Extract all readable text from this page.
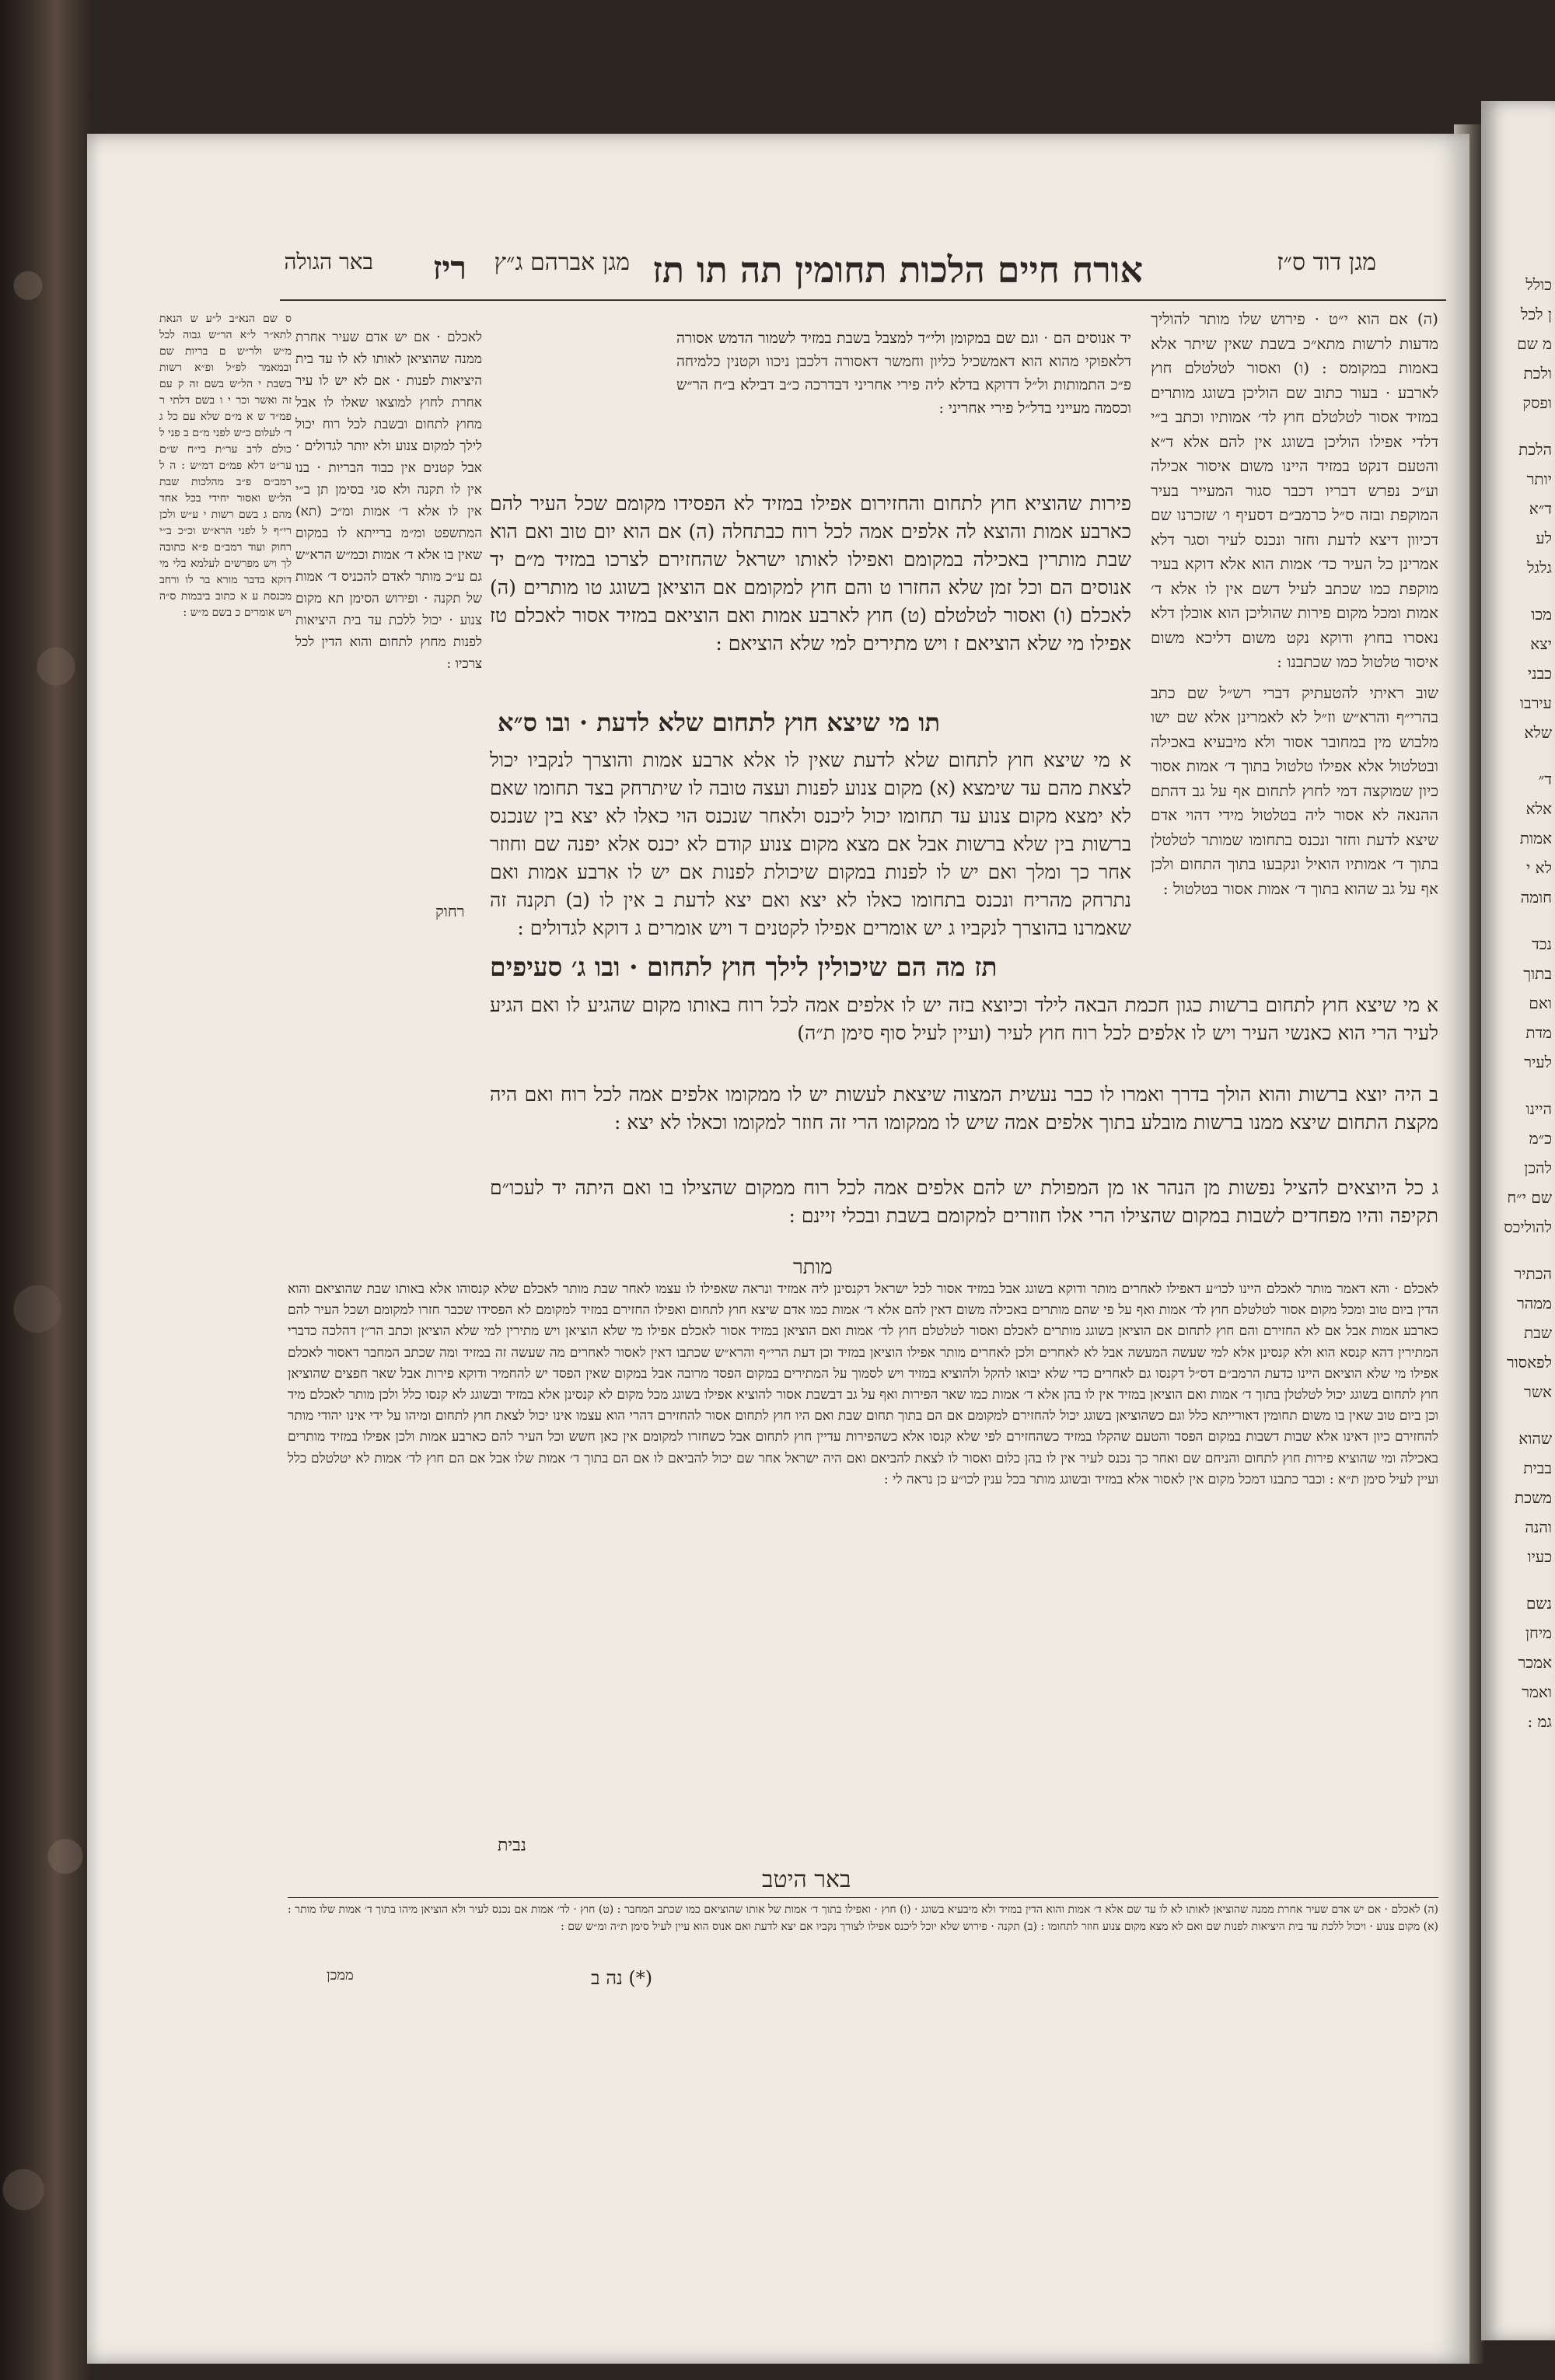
כולל
ן לכל
מ שם
ולכת
ופסק
הלכת
יותר
ד״א
לע
גלגל
מכו
יצא
כבני
עירבו
שלא
ד״
אלא
אמות
לא י
חומה
נכד
בתוך
ואם
מדת
לעיר
היינו
כ״מ
להכן
שם י״ח
להוליכס
הכתיר
ממהר
שבת
לפאסור
אשר
שהוא
בבית
משכת
והנה
כעיו
נשם
מיחן
אמכר
ואמר
גמ :
מגן דוד ס״ז
אורח חיים הלכות תחומין תה תו תז
מגן אברהם ג״ץ
ריז
באר הגולה

(ה) אם הוא י״ט · פירוש שלו מותר להוליך מדעות לרשות מתא״כ בשבת שאין שיתר אלא באמות במקומס : (ו) ואסור לטלטלם חוץ לארבע · בעור כתוב שם הוליכן בשוגג מותרים במזיד אסור לטלטלם חוץ לד׳ אמותיו וכתב ב״י דלדי אפילו הוליכן בשוגג אין להם אלא ד״א והטעם דנקט במזיד היינו משום איסור אכילה וע״כ נפרש דבריו דכבר סגור המעייר בעיר המוקפת ובזה ס״ל כרמב״ם דסעיף ו׳ שזכרנו שם דכיוון דיצא לדעת וחזר ונכנס לעיר וסגר דלא אמרינן כל העיר כד׳ אמות הוא אלא דוקא בעיר מוקפת כמו שכתב לעיל דשם אין לו אלא ד׳ אמות ומכל מקום פירות שהוליכן הוא אוכלן דלא נאסרו בחוץ ודוקא נקט משום דליכא משום איסור טלטול כמו שכתבנו :

שוב ראיתי להטעתיק דברי רש״ל שם כתב בהרי״ף והרא״ש וז״ל לא לאמרינן אלא שם ישו מלבוש מין במחובר אסור ולא מיבעיא באכילה ובטלטול אלא אפילו טלטול בתוך ד׳ אמות אסור כיון שמוקצה דמי לחוץ לתחום אף על גב דהתם ההנאה לא אסור ליה בטלטול מידי דהוי אדם שיצא לדעת וחזר ונכנס בתחומו שמותר לטלטלן בתוך ד׳ אמותיו הואיל ונקבעו בתוך התחום ולכן אף על גב שהוא בתוך ד׳ אמות אסור בטלטול :

יד אנוסים הם · וגם שם במקומן ולי״ד למצבל בשבת במזיד לשמור הדמש אסורה דלאפוקי מהוא הוא דאמשכיל כליון וחמשר דאסורה דלכבן ניכוו וקטנין כלמיחה פ״כ התמותות ול״ל דדוקא בדלא ליה פירי אחריני דבדרכה כ״ב דבילא ב״ח הר״ש וכסמה מעייני בדל״ל פירי אחריני :

פירות שהוציא חוץ לתחום והחזירום אפילו במזיד לא הפסידו מקומם שכל העיר להם כארבע אמות והוצא לה אלפים אמה לכל רוח כבתחלה (ה) אם הוא יום טוב ואם הוא שבת מותרין באכילה במקומם ואפילו לאותו ישראל שהחזירם לצרכו במזיד מ״ם יד אנוסים הם וכל זמן שלא החזרו ט והם חוץ למקומם אם הוציאן בשוגג טו מותרים (ה) לאכלם (ו) ואסור לטלטלם (ט) חוץ לארבע אמות ואם הוציאם במזיד אסור לאכלם טז אפילו מי שלא הוציאם ז ויש מתירים למי שלא הוציאם :
תו מי שיצא חוץ לתחום שלא לדעת · ובו ס״א
א מי שיצא חוץ לתחום שלא לדעת שאין לו אלא ארבע אמות והוצרך לנקביו יכול לצאת מהם עד שימצא (א) מקום צנוע לפנות ועצה טובה לו שיתרחק בצד תחומו שאם לא ימצא מקום צנוע עד תחומו יכול ליכנס ולאחר שנכנס הוי כאלו לא יצא בין שנכנס ברשות בין שלא ברשות אבל אם מצא מקום צנוע קודם לא יכנס אלא יפנה שם וחוזר אחר כך ומלך ואם יש לו לפנות במקום שיכולת לפנות אם יש לו ארבע אמות ואם נתרחק מהריח ונכנס בתחומו כאלו לא יצא ואם יצא לדעת ב אין לו (ב) תקנה זה שאמרנו בהוצרך לנקביו ג יש אומרים אפילו לקטנים ד ויש אומרים ג דוקא לגדולים :
תז מה הם שיכולין לילך חוץ לתחום · ובו ג׳ סעיפים
א מי שיצא חוץ לתחום ברשות כגון חכמת הבאה לילד וכיוצא בזה יש לו אלפים אמה לכל רוח באותו מקום שהגיע לו ואם הגיע לעיר הרי הוא כאנשי העיר ויש לו אלפים לכל רוח חוץ לעיר (ועיין לעיל סוף סימן ת״ה)
ב היה יוצא ברשות והוא הולך בדרך ואמרו לו כבר נעשית המצוה שיצאת לעשות יש לו ממקומו אלפים אמה לכל רוח ואם היה מקצת התחום שיצא ממנו ברשות מובלע בתוך אלפים אמה שיש לו ממקומו הרי זה חוזר למקומו וכאלו לא יצא :
ג כל היוצאים להציל נפשות מן הנהר או מן המפולת יש להם אלפים אמה לכל רוח ממקום שהצילו בו ואם היתה יד לעכו״ם תקיפה והיו מפחדים לשבות במקום שהצילו הרי אלו חוזרים למקומם בשבת ובכלי זיינם :

לאכלם · אם יש אדם שעיר אחרת ממנה שהוציאן לאותו לא לו עד בית היציאות לפנות · אם לא יש לו עיר אחרת לחוץ למוצאו שאלו לו אבל מחוץ לתחום ובשבת לכל רוח יכול לילך למקום צנוע ולא יותר לגדולים · אבל קטנים אין כבוד הבריות · בנו אין לו תקנה ולא סגי בסימן תן ב״י אין לו אלא ד׳ אמות ומ״כ (תא) המתשפט ומ״מ ברייתא לו במקום שאין בו אלא ד׳ אמות וכמ״ש הרא״ש גם ע״כ מותר לאדם להכניס ד׳ אמות של תקנה · ופירוש הסימן תא מקום צנוע · יכול ללכת עד בית היציאות לפנות מחוץ לתחום והוא הדין לכל צרכיו :

רחוק
ס שם הנא״ב ל״ע ש הנאת לתא״ר ל״א הר״ש גבוה לכל מ״ש ולר״ש ם בריות שם ובמאמר לפ״ל ופ״א רשות בשבת י הל״ש בשם זה ק עם זה ואשר וכר י ו בשם דלתי ר פמ״ד ש א מ״ם שלא עם כל ג ד׳ לעלום כ״ש לפני מ״ם ב פני ל כולם לרב ער״ת בי״ח ש״ם ער״ט דלא פמ״ם דמ״ש : ה ל רמב״ם פ״ב מהלכות שבת הל״ש ואסור יחידי בכל אחד מהם ג בשם רשות י ע״ש ולכן רי״ף ל לפני הרא״ש וכ״כ ב״י רחוק ועוד רמב״ם פ״א כתובה לך ויש מפרשים לעלמא בלי מי דוקא בדבר מורא בר לו ורחב מכנסת ע א כתוב ביבמות ס״ה ויש אומרים כ בשם מ״ש :
מותר
לאכלם · והא דאמר מותר לאכלם היינו לכו״ע דאפילו לאחרים מותר ודוקא בשוגג אבל במזיד אסור לכל ישראל דקנסינן ליה אמזיד ונראה שאפילו לו עצמו לאחר שבת מותר לאכלם שלא קנסוהו אלא באותו שבת שהוציאם והוא הדין ביום טוב ומכל מקום אסור לטלטלם חוץ לד׳ אמות ואף על פי שהם מותרים באכילה משום דאין להם אלא ד׳ אמות כמו אדם שיצא חוץ לתחום ואפילו החזירם במזיד למקומם לא הפסידו שכבר חזרו למקומם ושכל העיר להם כארבע אמות אבל אם לא החזירם והם חוץ לתחום אם הוציאן בשוגג מותרים לאכלם ואסור לטלטלם חוץ לד׳ אמות ואם הוציאן במזיד אסור לאכלם אפילו מי שלא הוציאן ויש מתירין למי שלא הוציאן וכתב הר״ן דהלכה כדברי המתירין דהא קנסא הוא ולא קנסינן אלא למי שעשה המעשה אבל לא לאחרים ולכן לאחרים מותר אפילו הוציאן במזיד וכן דעת הרי״ף והרא״ש שכתבו דאין לאסור לאחרים מה שעשה זה במזיד ומה שכתב המחבר דאסור לאכלם אפילו מי שלא הוציאם היינו כדעת הרמב״ם דס״ל דקנסו גם לאחרים כדי שלא יבואו להקל ולהוציא במזיד ויש לסמוך על המתירים במקום הפסד מרובה אבל במקום שאין הפסד יש להחמיר ודוקא פירות אבל שאר חפצים שהוציאן חוץ לתחום בשוגג יכול לטלטלן בתוך ד׳ אמות ואם הוציאן במזיד אין לו בהן אלא ד׳ אמות כמו שאר הפירות ואף על גב דבשבת אסור להוציא אפילו בשוגג מכל מקום לא קנסינן אלא במזיד ובשוגג לא קנסו כלל ולכן מותר לאכלם מיד וכן ביום טוב שאין בו משום תחומין דאורייתא כלל וגם כשהוציאן בשוגג יכול להחזירם למקומם אם הם בתוך תחום שבת ואם היו חוץ לתחום אסור להחזירם דהרי הוא עצמו אינו יכול לצאת חוץ לתחום ומיהו על ידי אינו יהודי מותר להחזירם כיון דאינו אלא שבות דשבות במקום הפסד והטעם שהקלו במזיד כשהחזירם לפי שלא קנסו אלא כשהפירות עדיין חוץ לתחום אבל כשחזרו למקומם אין כאן חשש וכל העיר להם כארבע אמות ולכן אפילו במזיד מותרים באכילה ומי שהוציא פירות חוץ לתחום והניחם שם ואחר כך נכנס לעיר אין לו בהן כלום ואסור לו לצאת להביאם ואם היה ישראל אחר שם יכול להביאם לו אם הם בתוך ד׳ אמות שלו אבל אם הם חוץ לד׳ אמות לא יטלטלם כלל ועיין לעיל סימן ת״א : וכבר כתבנו דמכל מקום אין לאסור אלא במזיד ובשוגג מותר בכל ענין לכו״ע כן נראה לי :
נבית
באר היטב
(ה) לאכלם · אם יש אדם שעיר אחרת ממנה שהוציאן לאותו לא לו עד שם אלא ד׳ אמות והוא הדין במזיד ולא מיבעיא בשוגג · (ו) חוץ · ואפילו בתוך ד׳ אמות של אותו שהוציאם כמו שכתב המחבר : (ט) חוץ · לד׳ אמות אם נכנס לעיר ולא הוציאן מיהו בתוך ד׳ אמות שלו מותר : (א) מקום צנוע · ויכול ללכת עד בית היציאות לפנות שם ואם לא מצא מקום צנוע חוזר לתחומו : (ב) תקנה · פירוש שלא יוכל ליכנס אפילו לצורך נקביו אם יצא לדעת ואם אנוס הוא עיין לעיל סימן ת״ה ומ״ש שם :
(*) נה ב
ממכן
